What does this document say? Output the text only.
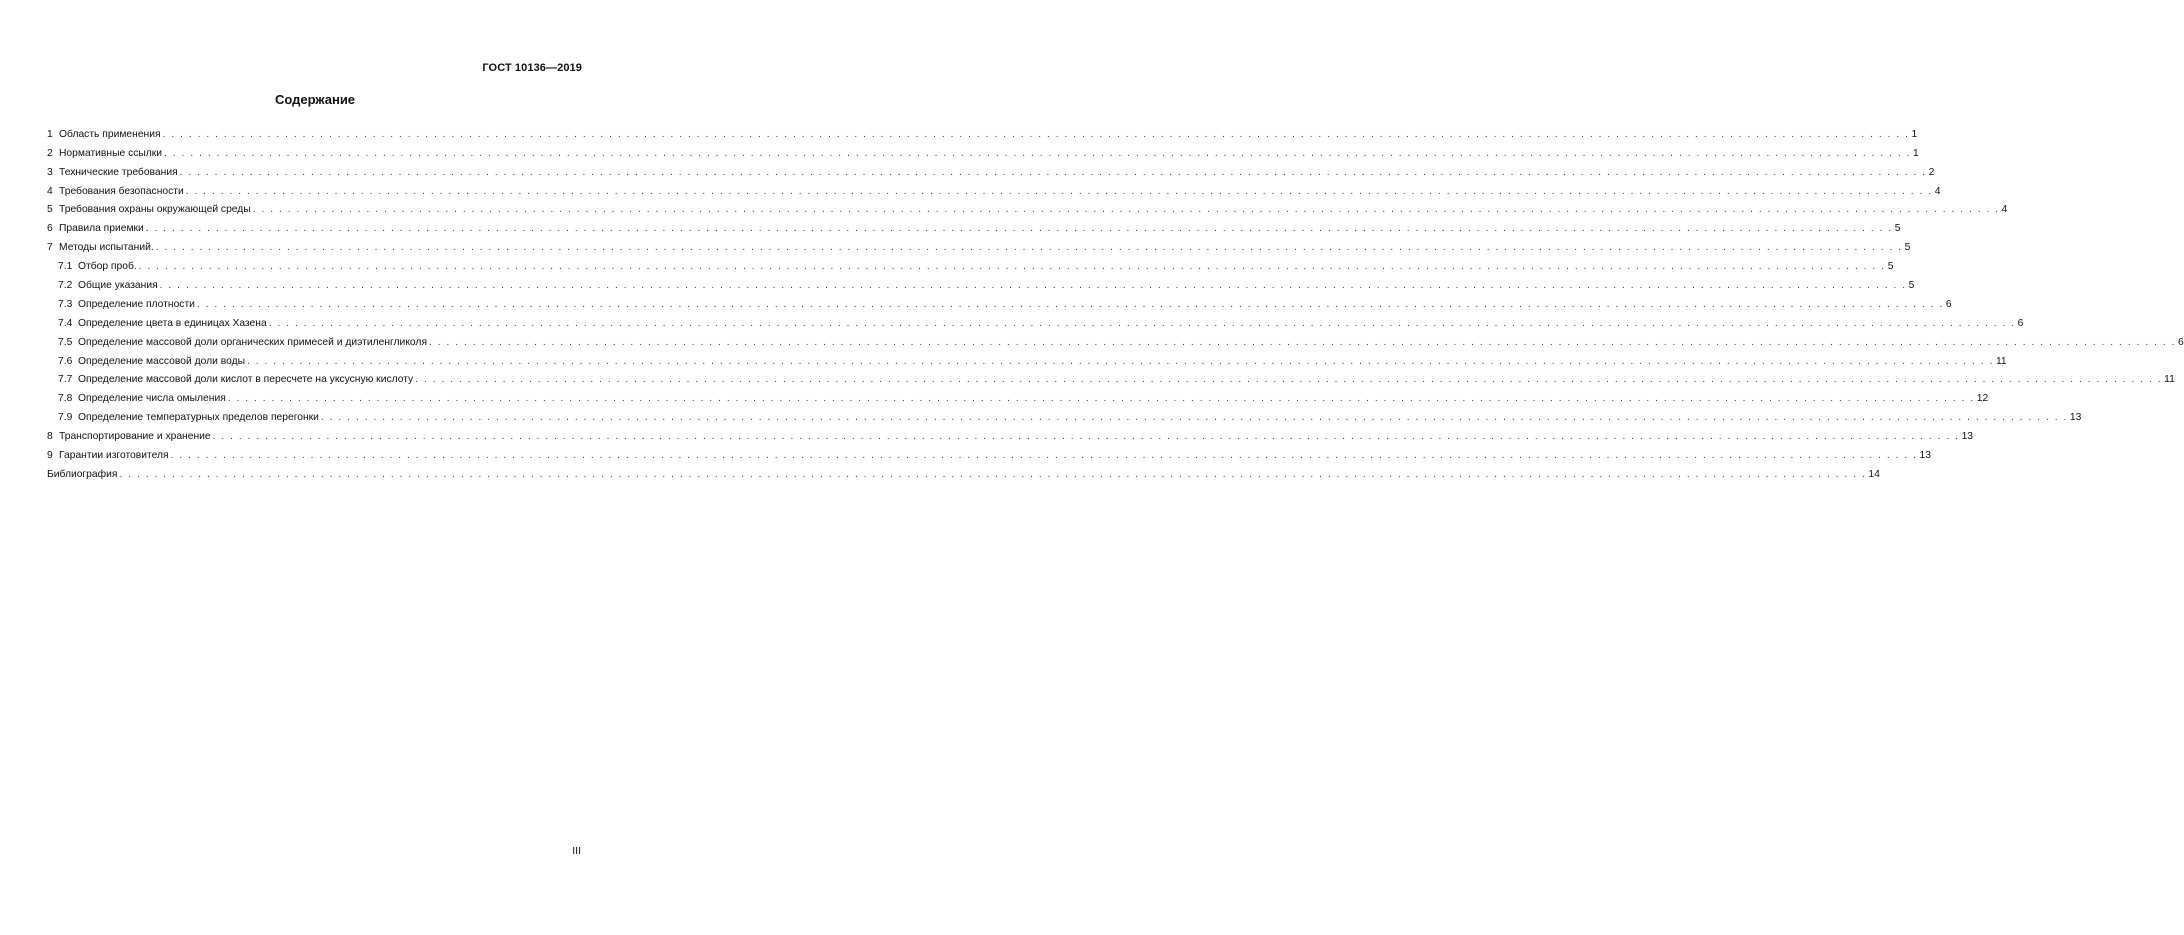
ГОСТ 10136—2019
Содержание
1 Область применения . . . . . . . . . . . . . . . . . . . . . . . . . . . . . . . . . . . . . . . . . . . . . . . . . . . . . . . . . . . . . . . . . . . . . . . . . . . . . . . . . . . . . . . . . . . . . . . . . . . . . . . . . . . . . . . . . . . . . . . . . . . . . . . . . . . . . . . . . . . . . . . . . . . . . . . . . . . . . . . . . . . . . . . . . . . . . . . . . . . . . . . . . . . . . . . . . . . . . . . . 1
2 Нормативные ссылки . . . . . . . . . . . . . . . . . . . . . . . . . . . . . . . . . . . . . . . . . . . . . . . . . . . . . . . . . . . . . . . . . . . . . . . . . . . . . . . . . . . . . . . . . . . . . . . . . . . . . . . . . . . . . . . . . . . . . . . . . . . . . . . . . . . . . . . . . . . . . . . . . . . . . . . . . . . . . . . . . . . . . . . . . . . . . . . . . . . . . . . . . . . . . . . . . . . . . . . . 1
3 Технические требования . . . . . . . . . . . . . . . . . . . . . . . . . . . . . . . . . . . . . . . . . . . . . . . . . . . . . . . . . . . . . . . . . . . . . . . . . . . . . . . . . . . . . . . . . . . . . . . . . . . . . . . . . . . . . . . . . . . . . . . . . . . . . . . . . . . . . . . . . . . . . . . . . . . . . . . . . . . . . . . . . . . . . . . . . . . . . . . . . . . . . . . . . . . . . . . . . . . . . . . . 2
4 Требования безопасности . . . . . . . . . . . . . . . . . . . . . . . . . . . . . . . . . . . . . . . . . . . . . . . . . . . . . . . . . . . . . . . . . . . . . . . . . . . . . . . . . . . . . . . . . . . . . . . . . . . . . . . . . . . . . . . . . . . . . . . . . . . . . . . . . . . . . . . . . . . . . . . . . . . . . . . . . . . . . . . . . . . . . . . . . . . . . . . . . . . . . . . . . . . . . . . . . . . . . . . . 4
5 Требования охраны окружающей среды . . . . . . . . . . . . . . . . . . . . . . . . . . . . . . . . . . . . . . . . . . . . . . . . . . . . . . . . . . . . . . . . . . . . . . . . . . . . . . . . . . . . . . . . . . . . . . . . . . . . . . . . . . . . . . . . . . . . . . . . . . . . . . . . . . . . . . . . . . . . . . . . . . . . . . . . . . . . . . . . . . . . . . . . . . . . . . . . . . . . . . . . . . . . . . . . . . . . . . . . 4
6 Правила приемки . . . . . . . . . . . . . . . . . . . . . . . . . . . . . . . . . . . . . . . . . . . . . . . . . . . . . . . . . . . . . . . . . . . . . . . . . . . . . . . . . . . . . . . . . . . . . . . . . . . . . . . . . . . . . . . . . . . . . . . . . . . . . . . . . . . . . . . . . . . . . . . . . . . . . . . . . . . . . . . . . . . . . . . . . . . . . . . . . . . . . . . . . . . . . . . . . . . . . . . . 5
7 Методы испытаний. . . . . . . . . . . . . . . . . . . . . . . . . . . . . . . . . . . . . . . . . . . . . . . . . . . . . . . . . . . . . . . . . . . . . . . . . . . . . . . . . . . . . . . . . . . . . . . . . . . . . . . . . . . . . . . . . . . . . . . . . . . . . . . . . . . . . . . . . . . . . . . . . . . . . . . . . . . . . . . . . . . . . . . . . . . . . . . . . . . . . . . . . . . . . . . . . . . . . . . . . 5
7.1 Отбор проб. . . . . . . . . . . . . . . . . . . . . . . . . . . . . . . . . . . . . . . . . . . . . . . . . . . . . . . . . . . . . . . . . . . . . . . . . . . . . . . . . . . . . . . . . . . . . . . . . . . . . . . . . . . . . . . . . . . . . . . . . . . . . . . . . . . . . . . . . . . . . . . . . . . . . . . . . . . . . . . . . . . . . . . . . . . . . . . . . . . . . . . . . . . . . . . . . . . . . . . . . 5
7.2 Общие указания . . . . . . . . . . . . . . . . . . . . . . . . . . . . . . . . . . . . . . . . . . . . . . . . . . . . . . . . . . . . . . . . . . . . . . . . . . . . . . . . . . . . . . . . . . . . . . . . . . . . . . . . . . . . . . . . . . . . . . . . . . . . . . . . . . . . . . . . . . . . . . . . . . . . . . . . . . . . . . . . . . . . . . . . . . . . . . . . . . . . . . . . . . . . . . . . . . . . . . . . 5
7.3 Определение плотности . . . . . . . . . . . . . . . . . . . . . . . . . . . . . . . . . . . . . . . . . . . . . . . . . . . . . . . . . . . . . . . . . . . . . . . . . . . . . . . . . . . . . . . . . . . . . . . . . . . . . . . . . . . . . . . . . . . . . . . . . . . . . . . . . . . . . . . . . . . . . . . . . . . . . . . . . . . . . . . . . . . . . . . . . . . . . . . . . . . . . . . . . . . . . . . . . . . . . . . . 6
7.4 Определение цвета в единицах Хазена . . . . . . . . . . . . . . . . . . . . . . . . . . . . . . . . . . . . . . . . . . . . . . . . . . . . . . . . . . . . . . . . . . . . . . . . . . . . . . . . . . . . . . . . . . . . . . . . . . . . . . . . . . . . . . . . . . . . . . . . . . . . . . . . . . . . . . . . . . . . . . . . . . . . . . . . . . . . . . . . . . . . . . . . . . . . . . . . . . . . . . . . . . . . . . . . . . . . . . . . 6
7.5 Определение массовой доли органических примесей и диэтиленгликоля . . . . . . . . . . . . . . . . . . . . . . . . . . . . . . . . . . . . . . . . . . . . . . . . . . . . . . . . . . . . . . . . . . . . . . . . . . . . . . . . . . . . . . . . . . . . . . . . . . . . . . . . . . . . . . . . . . . . . . . . . . . . . . . . . . . . . . . . . . . . . . . . . . . . . . . . . . . . . . . . . . . . . . . . . . . . . . . . . . . . . . . . . . . . . . . . . . . . . . . . 6
7.6 Определение массовой доли воды . . . . . . . . . . . . . . . . . . . . . . . . . . . . . . . . . . . . . . . . . . . . . . . . . . . . . . . . . . . . . . . . . . . . . . . . . . . . . . . . . . . . . . . . . . . . . . . . . . . . . . . . . . . . . . . . . . . . . . . . . . . . . . . . . . . . . . . . . . . . . . . . . . . . . . . . . . . . . . . . . . . . . . . . . . . . . . . . . . . . . . . . . . . . . . . . . . . . . . . . 11
7.7 Определение массовой доли кислот в пересчете на уксусную кислоту . . . . . . . . . . . . . . . . . . . . . . . . . . . . . . . . . . . . . . . . . . . . . . . . . . . . . . . . . . . . . . . . . . . . . . . . . . . . . . . . . . . . . . . . . . . . . . . . . . . . . . . . . . . . . . . . . . . . . . . . . . . . . . . . . . . . . . . . . . . . . . . . . . . . . . . . . . . . . . . . . . . . . . . . . . . . . . . . . . . . . . . . . . . . . . . . . . . . . . . . 11
7.8 Определение числа омыления . . . . . . . . . . . . . . . . . . . . . . . . . . . . . . . . . . . . . . . . . . . . . . . . . . . . . . . . . . . . . . . . . . . . . . . . . . . . . . . . . . . . . . . . . . . . . . . . . . . . . . . . . . . . . . . . . . . . . . . . . . . . . . . . . . . . . . . . . . . . . . . . . . . . . . . . . . . . . . . . . . . . . . . . . . . . . . . . . . . . . . . . . . . . . . . . . . . . . . . . 12
7.9 Определение температурных пределов перегонки . . . . . . . . . . . . . . . . . . . . . . . . . . . . . . . . . . . . . . . . . . . . . . . . . . . . . . . . . . . . . . . . . . . . . . . . . . . . . . . . . . . . . . . . . . . . . . . . . . . . . . . . . . . . . . . . . . . . . . . . . . . . . . . . . . . . . . . . . . . . . . . . . . . . . . . . . . . . . . . . . . . . . . . . . . . . . . . . . . . . . . . . . . . . . . . . . . . . . . . . 13
8 Транспортирование и хранение . . . . . . . . . . . . . . . . . . . . . . . . . . . . . . . . . . . . . . . . . . . . . . . . . . . . . . . . . . . . . . . . . . . . . . . . . . . . . . . . . . . . . . . . . . . . . . . . . . . . . . . . . . . . . . . . . . . . . . . . . . . . . . . . . . . . . . . . . . . . . . . . . . . . . . . . . . . . . . . . . . . . . . . . . . . . . . . . . . . . . . . . . . . . . . . . . . . . . . . . 13
9 Гарантии изготовителя . . . . . . . . . . . . . . . . . . . . . . . . . . . . . . . . . . . . . . . . . . . . . . . . . . . . . . . . . . . . . . . . . . . . . . . . . . . . . . . . . . . . . . . . . . . . . . . . . . . . . . . . . . . . . . . . . . . . . . . . . . . . . . . . . . . . . . . . . . . . . . . . . . . . . . . . . . . . . . . . . . . . . . . . . . . . . . . . . . . . . . . . . . . . . . . . . . . . . . . . 13
Библиография . . . . . . . . . . . . . . . . . . . . . . . . . . . . . . . . . . . . . . . . . . . . . . . . . . . . . . . . . . . . . . . . . . . . . . . . . . . . . . . . . . . . . . . . . . . . . . . . . . . . . . . . . . . . . . . . . . . . . . . . . . . . . . . . . . . . . . . . . . . . . . . . . . . . . . . . . . . . . . . . . . . . . . . . . . . . . . . . . . . . . . . . . . . . . . . . . . . . . . . . 14
III
